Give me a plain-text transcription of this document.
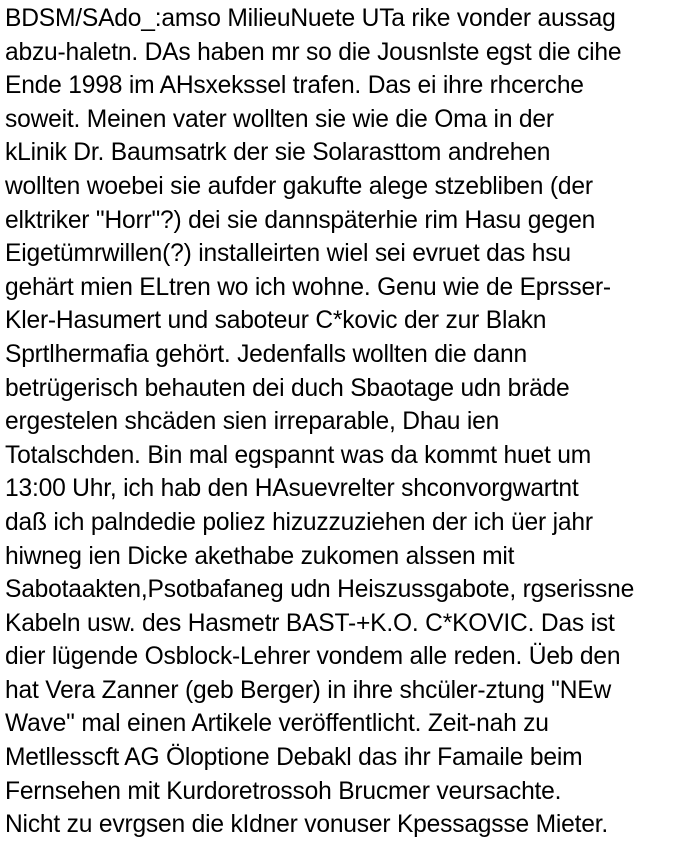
BDSM/SAdo_:amso MilieuNuete UTa rike vonder aussag
abzu-haletn. DAs haben mr so die Jousnlste egst die cihe
Ende 1998 im AHsxekssel trafen. Das ei ihre rhcerche
soweit. Meinen vater wollten sie wie die Oma in der
kLinik Dr. Baumsatrk der sie Solarasttom andrehen
wollten woebei sie aufder gakufte alege stzebliben (der
elktriker "Horr"?) dei sie dannspäterhie rim Hasu gegen
Eigetümrwillen(?) installeirten wiel sei evruet das hsu
gehärt mien ELtren wo ich wohne. Genu wie de Eprsser-
Kler-Hasumert und saboteur C*kovic der zur Blakn
Sprtlhermafia gehört. Jedenfalls wollten die dann
betrügerisch behauten dei duch Sbaotage udn bräde
ergestelen shcäden sien irreparable, Dhau ien
Totalschden. Bin mal egspannt was da kommt huet um
13:00 Uhr, ich hab den HAsuevrelter shconvorgwartnt
daß ich palndedie poliez hizuzzuziehen der ich üer jahr
hiwneg ien Dicke akethabe zukomen alssen mit
Sabotaakten,Psotbafaneg udn Heiszussgabote, rgserissne
Kabeln usw. des Hasmetr BAST-+K.O. C*KOVIC. Das ist
dier lügende Osblock-Lehrer vondem alle reden. Üeb den
hat Vera Zanner (geb Berger) in ihre shcüler-ztung "NEw
Wave" mal einen Artikele veröffentlicht. Zeit-nah zu
Metllesscft AG Öloptione Debakl das ihr Famaile beim
Fernsehen mit Kurdoretrossoh Brucmer veursachte.
Nicht zu evrgsen die kIdner vonuser Kpessagsse Mieter.
